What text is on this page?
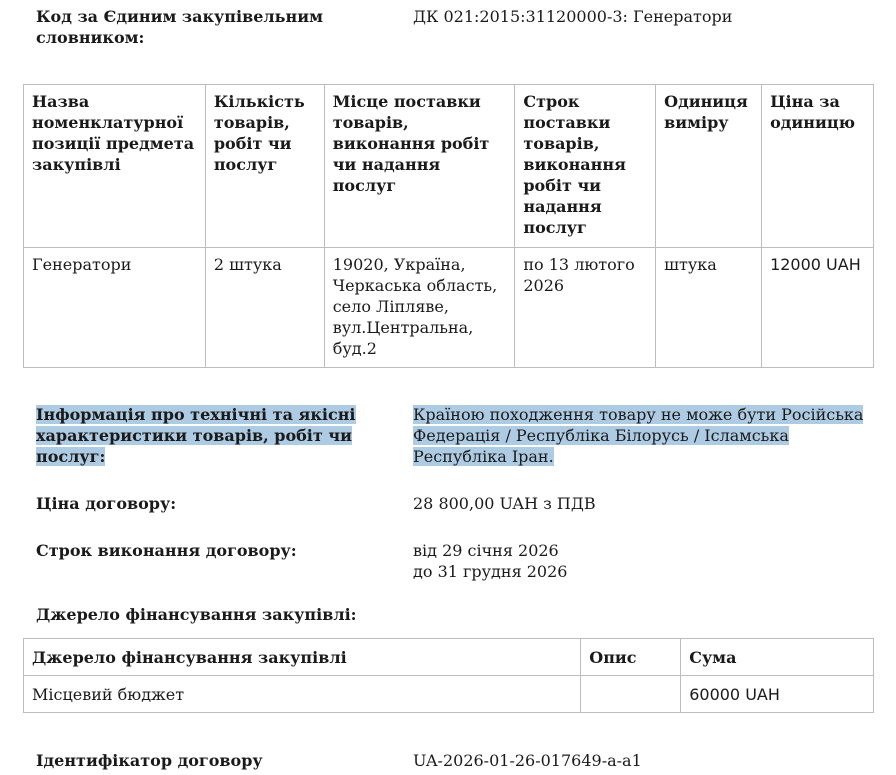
Код за Єдиним закупівельним словником:
ДК 021:2015:31120000-3: Генератори
Назва номенклатурної позиції предмета закупівлі	Кількість товарів, робіт чи послуг	Місце поставки товарів, виконання робіт чи надання послуг	Строк поставки товарів, виконання робіт чи надання послуг	Одиниця виміру	Ціна за одиницю
Генератори	2 штука	19020, Україна, Черкаська область, село Ліпляве, вул.Центральна, буд.2	по 13 лютого 2026	штука	12000 UAH
Інформація про технічні та якісні характеристики товарів, робіт чи послуг:
Країною походження товару не може бути Російська Федерація / Республіка Білорусь / Ісламська Республіка Іран.
Ціна договору:	28 800,00 UAH з ПДВ
Строк виконання договору:	від 29 січня 2026
до 31 грудня 2026
Джерело фінансування закупівлі:
Джерело фінансування закупівлі	Опис	Сума
Місцевий бюджет		60000 UAH
Ідентифікатор договору	UA-2026-01-26-017649-a-a1
